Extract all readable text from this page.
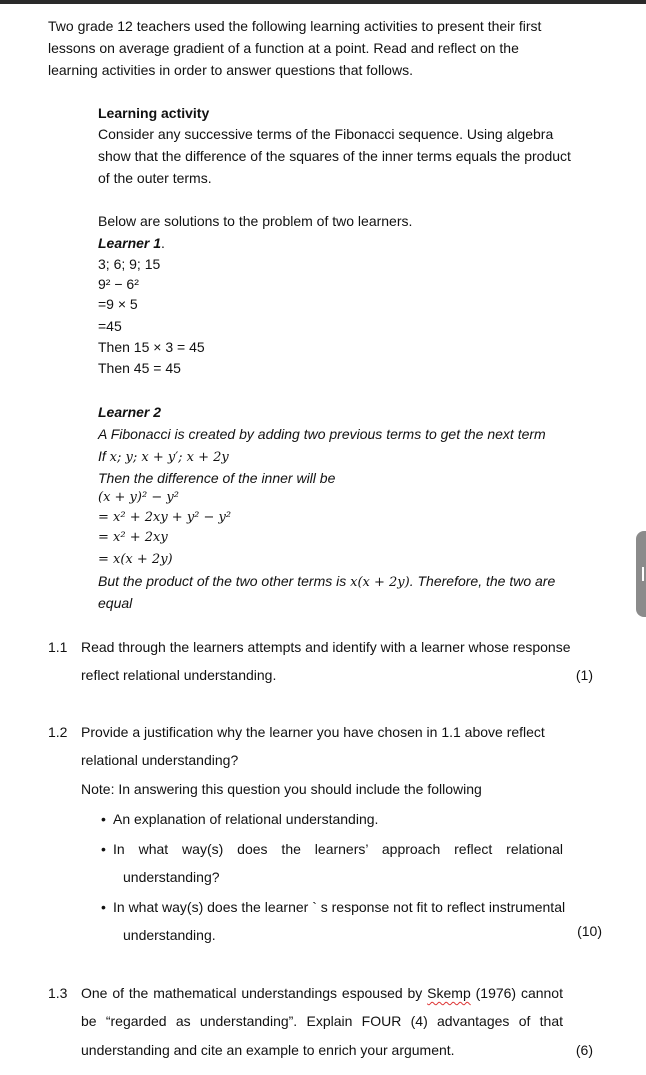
Two grade 12 teachers used the following learning activities to present their first

lessons on average gradient of a function at a point. Read and reflect on the

learning activities in order to answer questions that follows.

Learning activity
Consider any successive terms of the Fibonacci sequence. Using algebra
show that the difference of the squares of the inner terms equals the product
of the outer terms.
Below are solutions to the problem of two learners.
Learner 1.
3; 6; 9; 15
9² − 6²
=9 × 5
=45
Then 15 × 3 = 45
Then 45 = 45
Learner 2
A Fibonacci is created by adding two previous terms to get the next term
If x; y; x + y′; x + 2y
Then the difference of the inner will be
(x + y)² − y²
= x² + 2xy + y² − y²
= x² + 2xy
= x(x + 2y)
But the product of the two other terms is x(x + 2y). Therefore, the two are
equal
1.1 Read through the learners attempts and identify with a learner whose response
reflect relational understanding.	(1)
1.2 Provide a justification why the learner you have chosen in 1.1 above reflect
relational understanding?
Note: In answering this question you should include the following
• An explanation of relational understanding.
• In what way(s) does the learners’ approach reflect relational
understanding?
• In what way(s) does the learner ` s response not fit to reflect instrumental
understanding.	(10)
1.3 One of the mathematical understandings espoused by Skemp (1976) cannot
be “regarded as understanding”. Explain FOUR (4) advantages of that
understanding and cite an example to enrich your argument.	(6)
